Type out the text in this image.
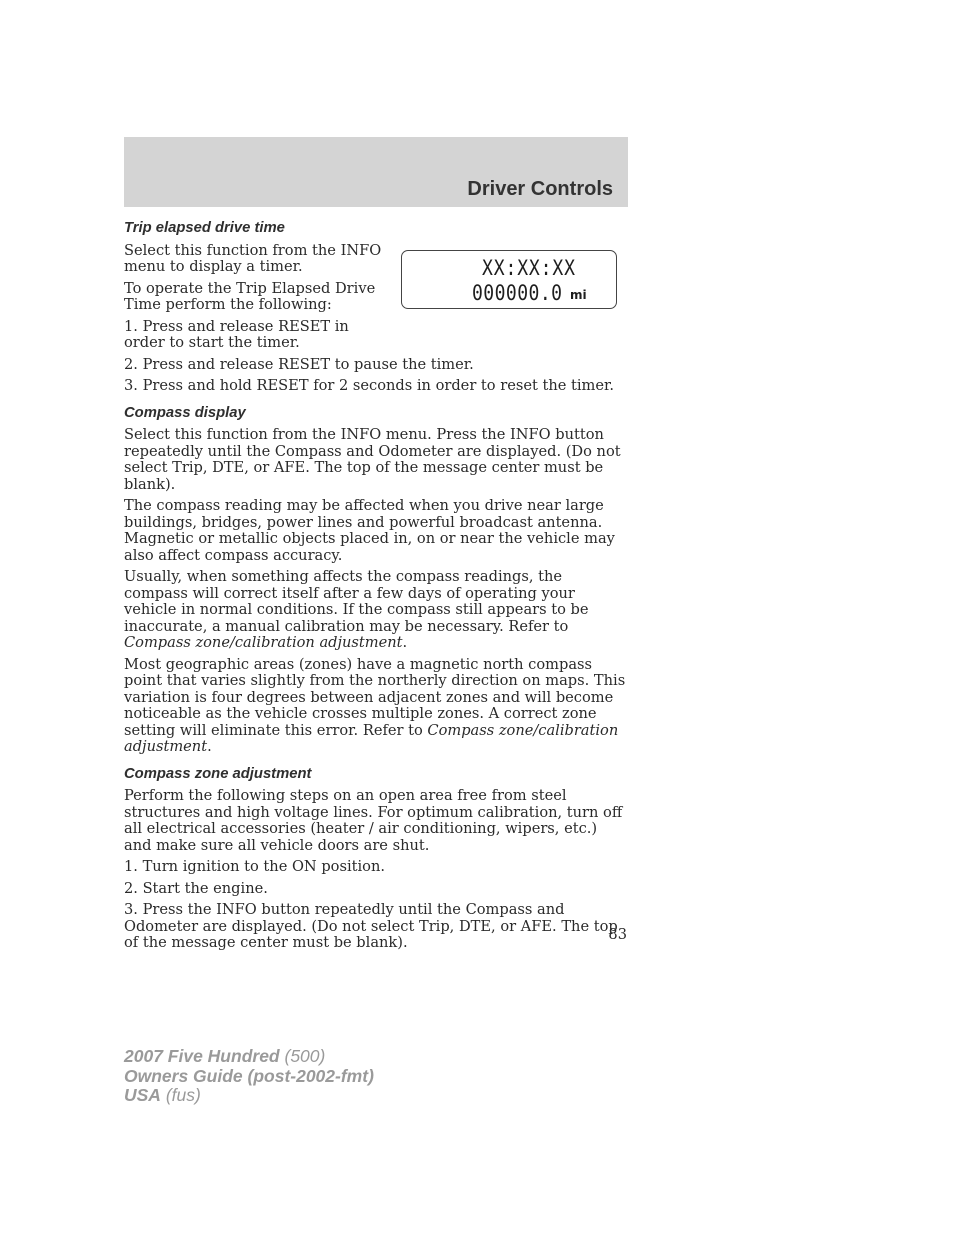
Driver Controls
XX:XX:XX
000000.0 mi
Trip elapsed drive time

Select this function from the INFO menu to display a timer.

To operate the Trip Elapsed Drive Time perform the following:

1. Press and release RESET in order to start the timer.

2. Press and release RESET to pause the timer.

3. Press and hold RESET for 2 seconds in order to reset the timer.

Compass display

Select this function from the INFO menu. Press the INFO button repeatedly until the Compass and Odometer are displayed. (Do not select Trip, DTE, or AFE. The top of the message center must be blank).

The compass reading may be affected when you drive near large buildings, bridges, power lines and powerful broadcast antenna. Magnetic or metallic objects placed in, on or near the vehicle may also affect compass accuracy.

Usually, when something affects the compass readings, the compass will correct itself after a few days of operating your vehicle in normal conditions. If the compass still appears to be inaccurate, a manual calibration may be necessary. Refer to Compass zone/calibration adjustment.

Most geographic areas (zones) have a magnetic north compass point that varies slightly from the northerly direction on maps. This variation is four degrees between adjacent zones and will become noticeable as the vehicle crosses multiple zones. A correct zone setting will eliminate this error. Refer to Compass zone/calibration adjustment.

Compass zone adjustment

Perform the following steps on an open area free from steel structures and high voltage lines. For optimum calibration, turn off all electrical accessories (heater / air conditioning, wipers, etc.) and make sure all vehicle doors are shut.

1. Turn ignition to the ON position.

2. Start the engine.

3. Press the INFO button repeatedly until the Compass and Odometer are displayed. (Do not select Trip, DTE, or AFE. The top of the message center must be blank).	83
2007 Five Hundred (500)
Owners Guide (post-2002-fmt)
USA (fus)
